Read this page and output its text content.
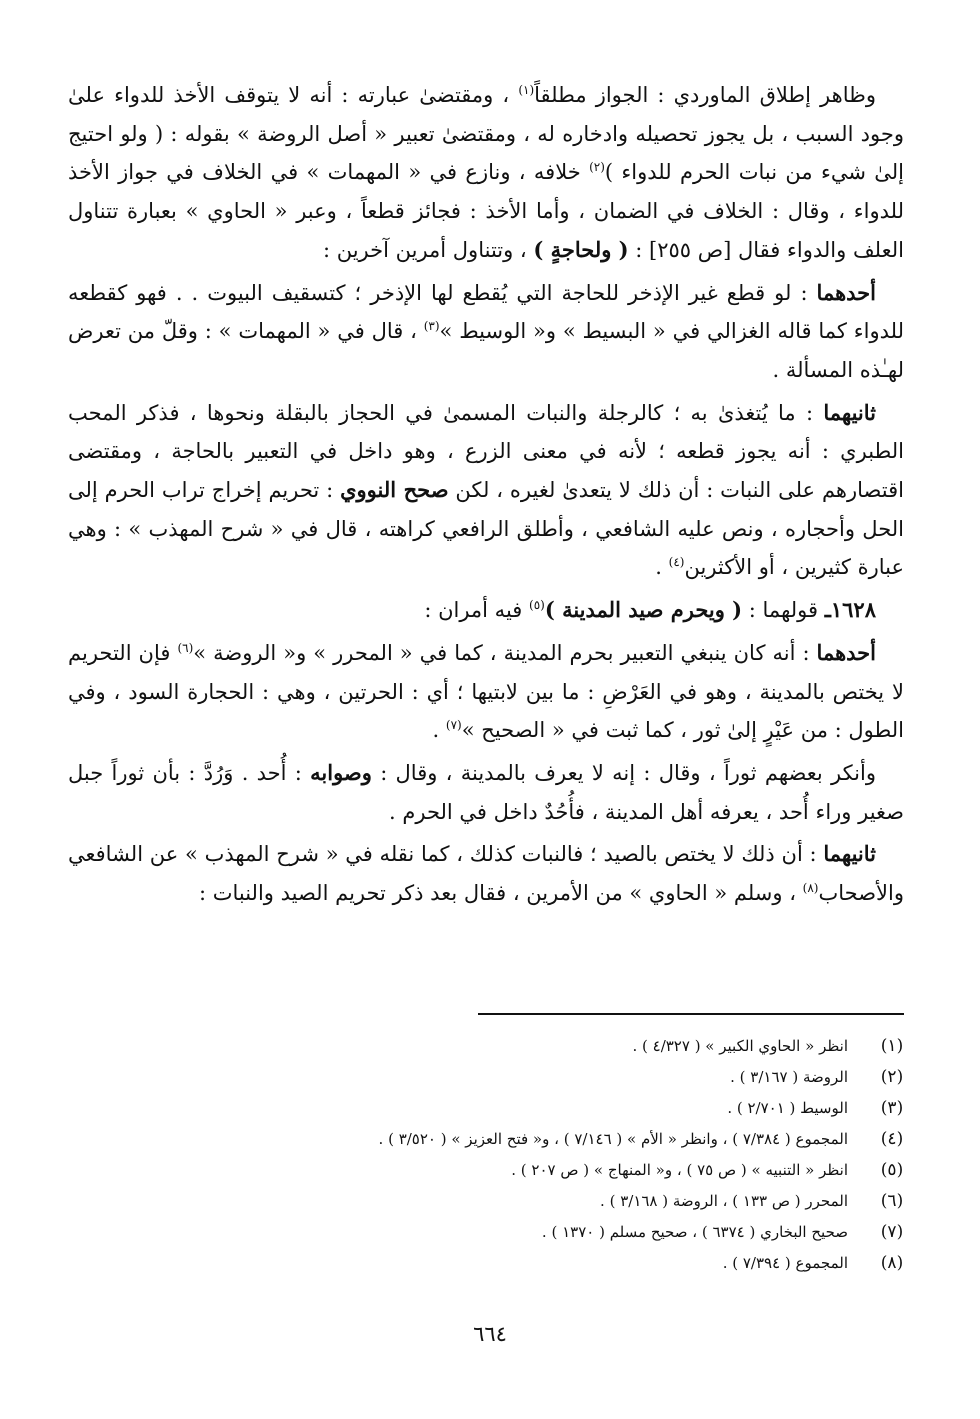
وظاهر إطلاق الماوردي : الجواز مطلقاً$^{(١)}$ ، ومقتضىٰ عبارته : أنه لا يتوقف الأخذ للدواء علىٰ وجود السبب ، بل يجوز تحصيله وادخاره له ، ومقتضىٰ تعبير « أصل الروضة » بقوله : ( ولو احتيج إلىٰ شيء من نبات الحرم للدواء )$^{(٢)}$ خلافه ، ونازع في « المهمات » في الخلاف في جواز الأخذ للدواء ، وقال : الخلاف في الضمان ، وأما الأخذ : فجائز قطعاً ، وعبر « الحاوي » بعبارة تتناول العلف والدواء فقال [ص ٢٥٥] : ( ولحاجةٍ ) ، وتتناول أمرين آخرين :

أحدهما : لو قطع غير الإذخر للحاجة التي يُقطع لها الإذخر ؛ كتسقيف البيوت . . فهو كقطعه للدواء كما قاله الغزالي في « البسيط » و« الوسيط »$^{(٣)}$ ، قال في « المهمات » : وقلّ من تعرض لهـٰذه المسألة .

ثانيهما : ما يُتغذىٰ به ؛ كالرجلة والنبات المسمىٰ في الحجاز بالبقلة ونحوها ، فذكر المحب الطبري : أنه يجوز قطعه ؛ لأنه في معنى الزرع ، وهو داخل في التعبير بالحاجة ، ومقتضى اقتصارهم على النبات : أن ذلك لا يتعدىٰ لغيره ، لكن صحح النووي : تحريم إخراج تراب الحرم إلى الحل وأحجاره ، ونص عليه الشافعي ، وأطلق الرافعي كراهته ، قال في « شرح المهذب » : وهي عبارة كثيرين ، أو الأكثرين$^{(٤)}$ .

١٦٢٨ـ قولهما : ( ويحرم صيد المدينة )$^{(٥)}$ فيه أمران :

أحدهما : أنه كان ينبغي التعبير بحرم المدينة ، كما في « المحرر » و« الروضة »$^{(٦)}$ فإن التحريم لا يختص بالمدينة ، وهو في العَرْضِ : ما بين لابتيها ؛ أي : الحرتين ، وهي : الحجارة السود ، وفي الطول : من عَيْرٍ إلىٰ ثور ، كما ثبت في « الصحيح »$^{(٧)}$ .

وأنكر بعضهم ثوراً ، وقال : إنه لا يعرف بالمدينة ، وقال : وصوابه : أُحد . وَرُدَّ : بأن ثوراً جبل صغير وراء أُحد ، يعرفه أهل المدينة ، فأُحُدٌ داخل في الحرم .

ثانيهما : أن ذلك لا يختص بالصيد ؛ فالنبات كذلك ، كما نقله في « شرح المهذب » عن الشافعي والأصحاب$^{(٨)}$ ، وسلم « الحاوي » من الأمرين ، فقال بعد ذكر تحريم الصيد والنبات :

(١)
انظر « الحاوي الكبير » ( ٤/٣٢٧ ) .
(٢)
الروضة ( ٣/١٦٧ ) .
(٣)
الوسيط ( ٢/٧٠١ ) .
(٤)
المجموع ( ٧/٣٨٤ ) ، وانظر « الأم » ( ٧/١٤٦ ) ، و« فتح العزيز » ( ٣/٥٢٠ ) .
(٥)
انظر « التنبيه » ( ص ٧٥ ) ، و« المنهاج » ( ص ٢٠٧ ) .
(٦)
المحرر ( ص ١٣٣ ) ، الروضة ( ٣/١٦٨ ) .
(٧)
صحيح البخاري ( ٦٣٧٤ ) ، صحيح مسلم ( ١٣٧٠ ) .
(٨)
المجموع ( ٧/٣٩٤ ) .
٦٦٤
